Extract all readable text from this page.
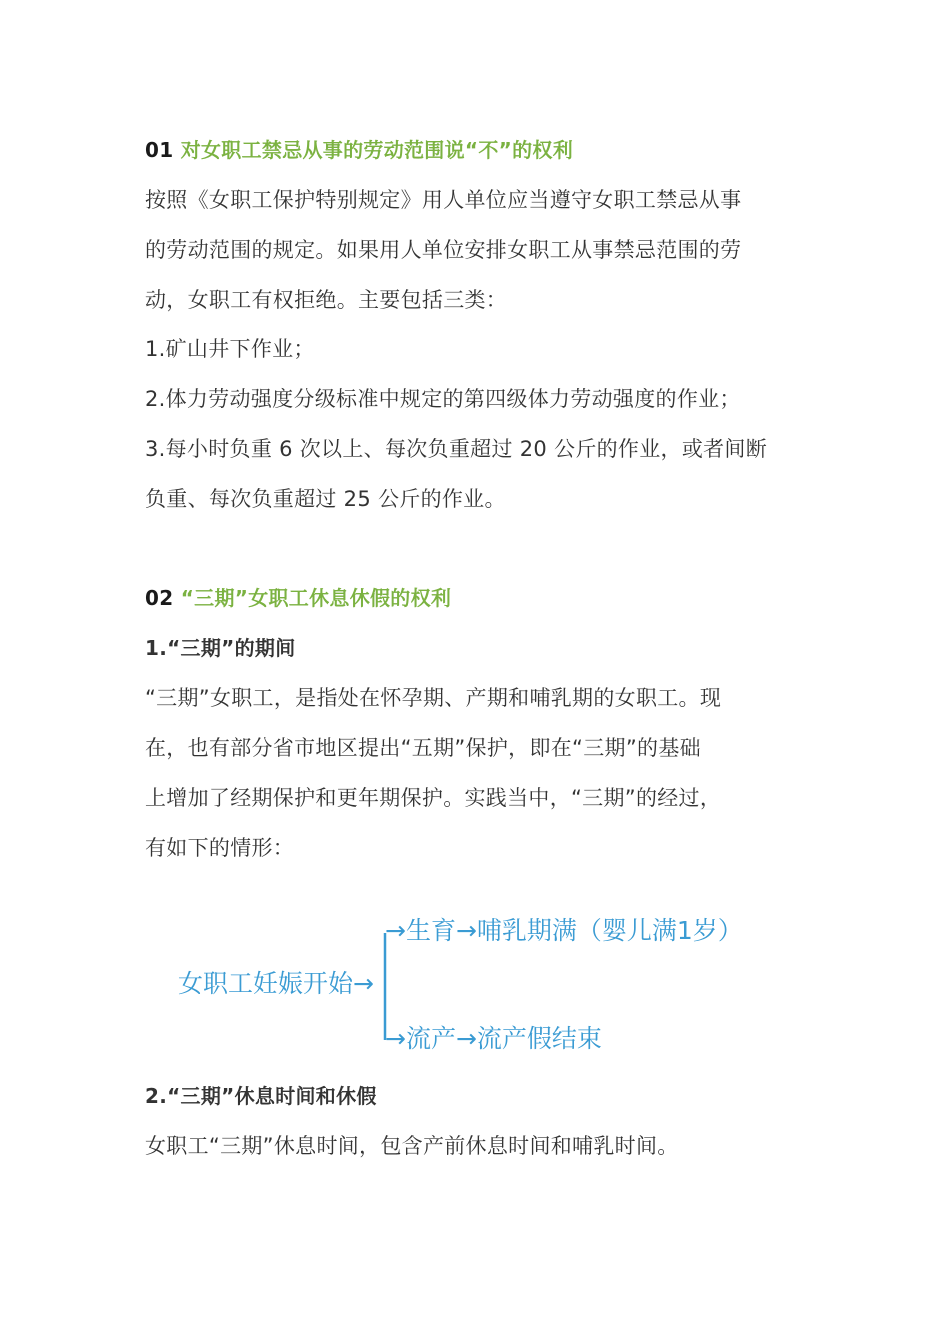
01 对女职工禁忌从事的劳动范围说“不”的权利
按照《女职工保护特别规定》用人单位应当遵守女职工禁忌从事
的劳动范围的规定。如果用人单位安排女职工从事禁忌范围的劳
动，女职工有权拒绝。主要包括三类：
1.矿山井下作业；
2.体力劳动强度分级标准中规定的第四级体力劳动强度的作业；
3.每小时负重 6 次以上、每次负重超过 20 公斤的作业，或者间断
负重、每次负重超过 25 公斤的作业。
02 “三期”女职工休息休假的权利
1.“三期”的期间
“三期”女职工，是指处在怀孕期、产期和哺乳期的女职工。现
在，也有部分省市地区提出“五期”保护，即在“三期”的基础
上增加了经期保护和更年期保护。实践当中，“三期”的经过，
有如下的情形：
女职工妊娠开始→
→生育→哺乳期满（婴儿满1岁）
→流产→流产假结束
2.“三期”休息时间和休假
女职工“三期”休息时间，包含产前休息时间和哺乳时间。
